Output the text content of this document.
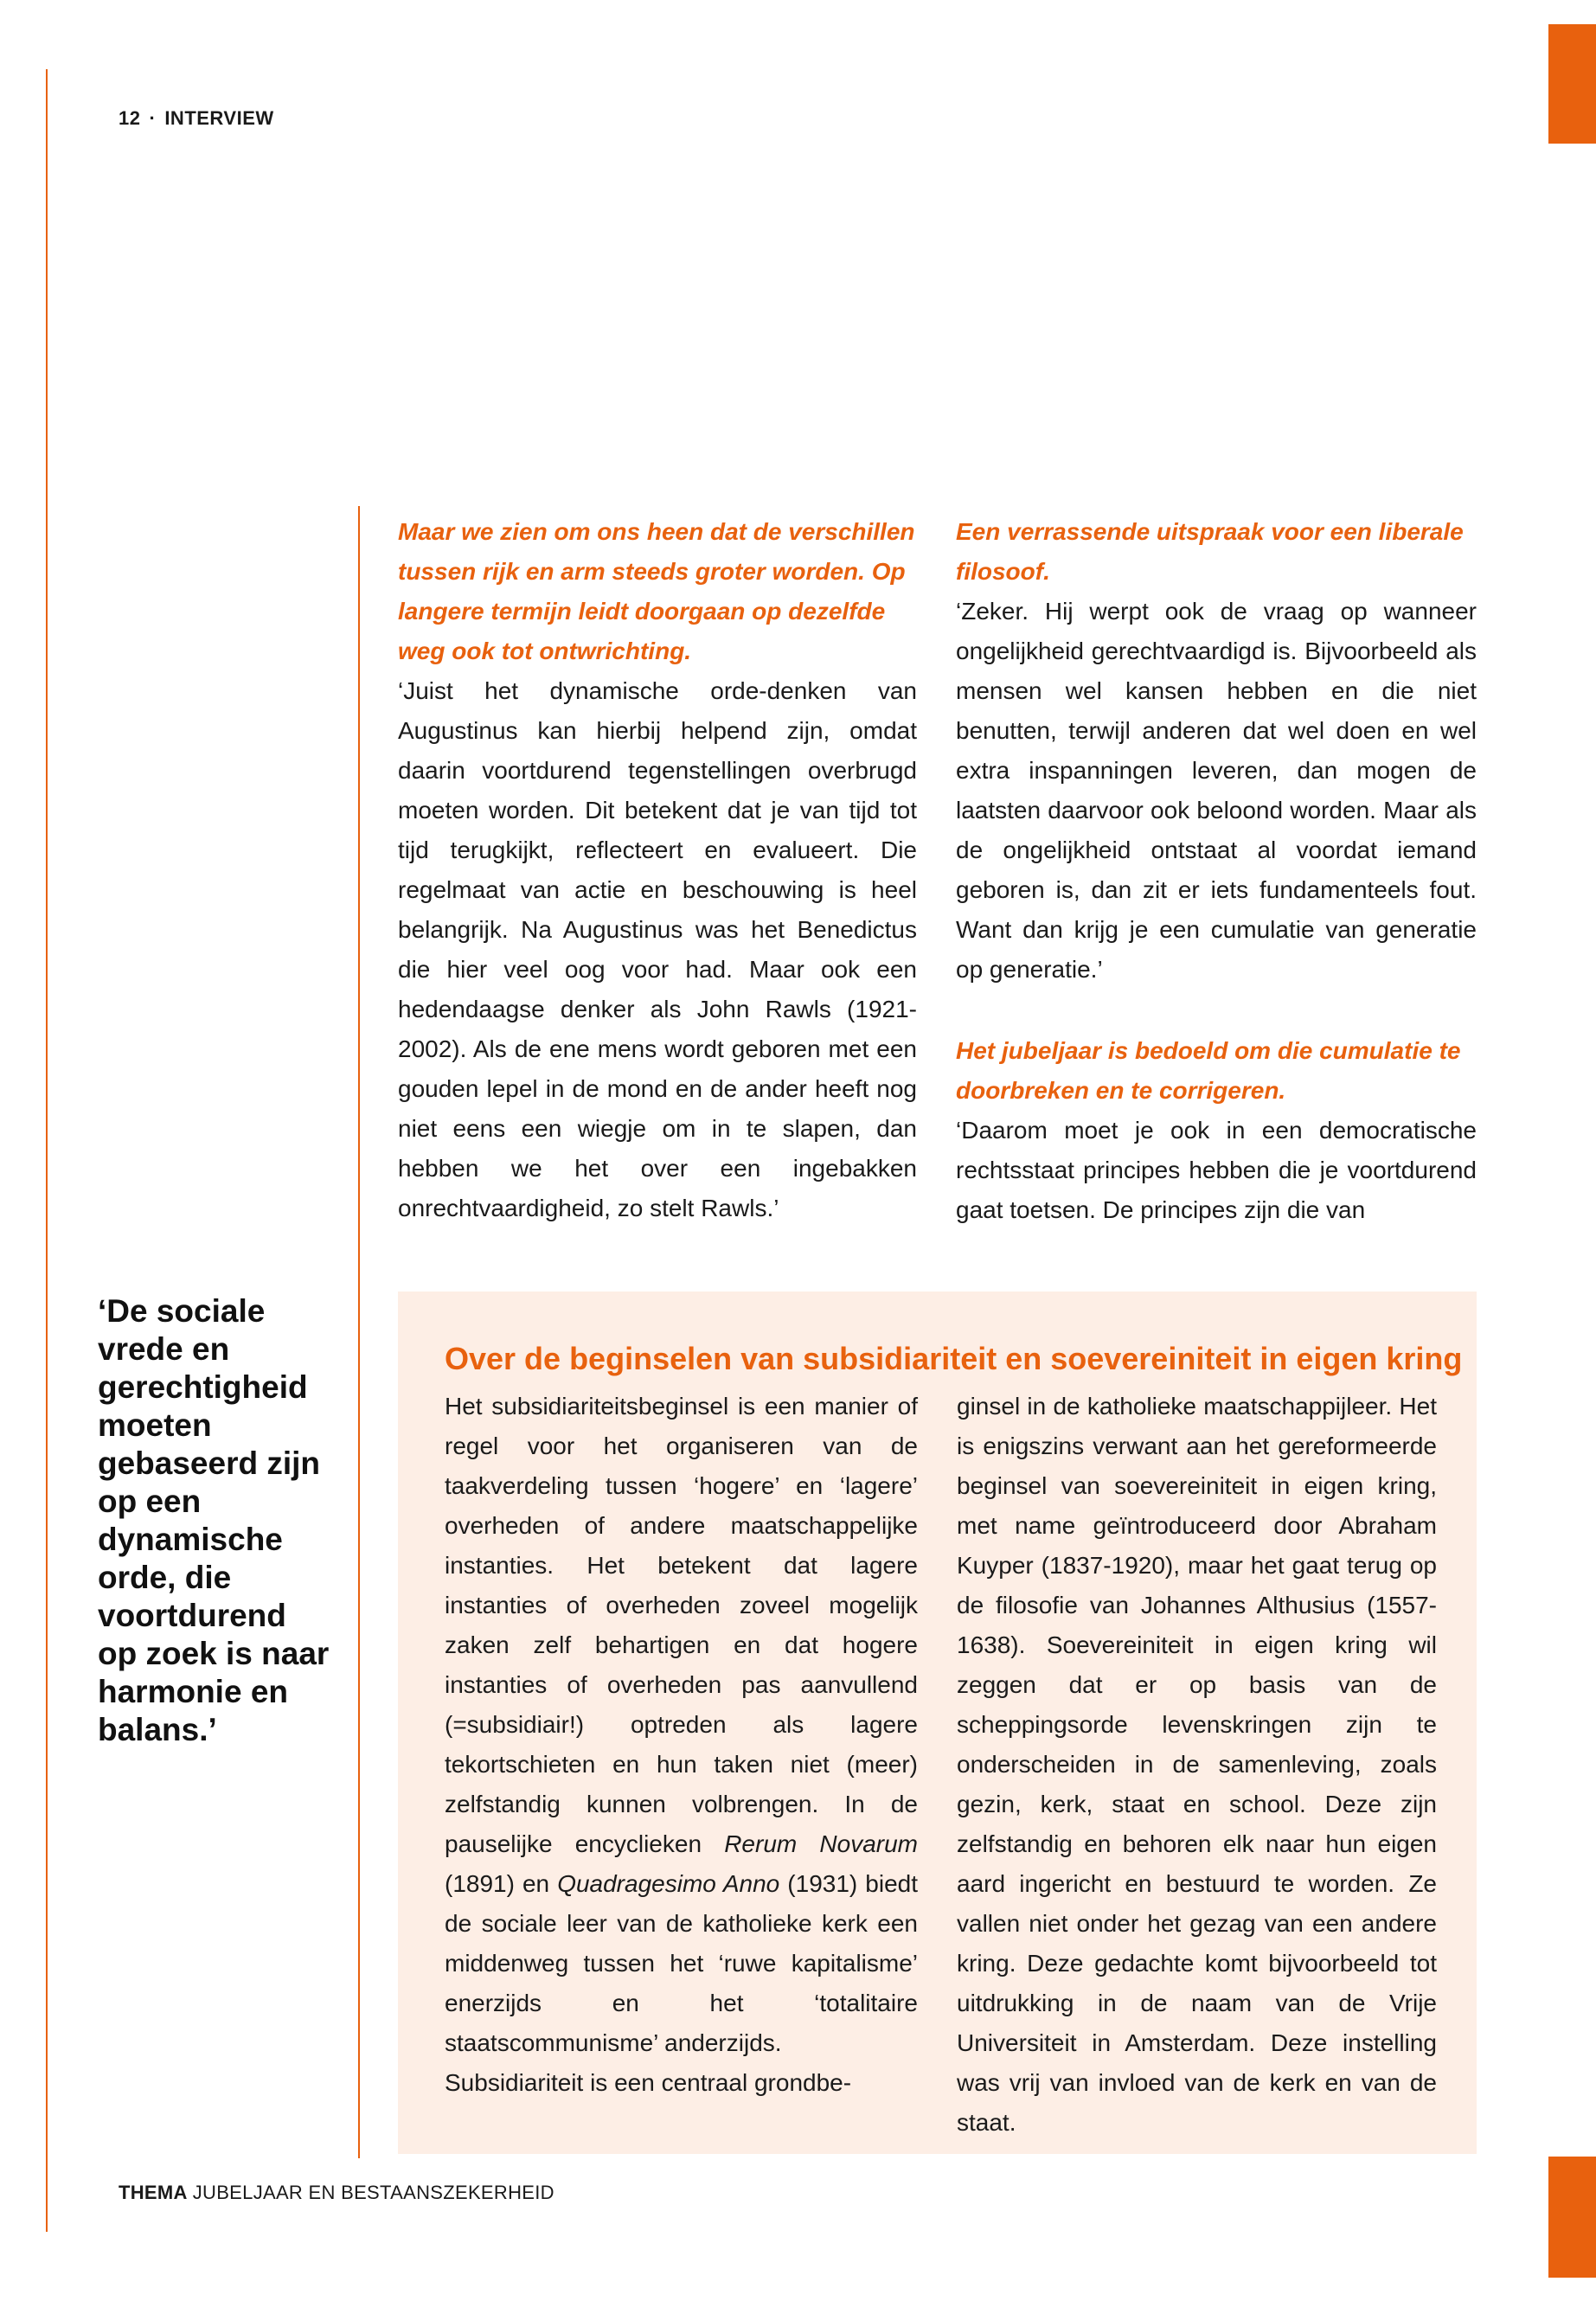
12 · INTERVIEW

Maar we zien om ons heen dat de verschillen tussen rijk en arm steeds groter worden. Op langere termijn leidt doorgaan op dezelfde weg ook tot ontwrichting.

‘Juist het dynamische orde-denken van Augustinus kan hierbij helpend zijn, omdat daarin voortdurend tegenstellingen overbrugd moeten worden. Dit betekent dat je van tijd tot tijd terugkijkt, reflecteert en evalueert. Die regelmaat van actie en beschouwing is heel belangrijk. Na Augustinus was het Benedictus die hier veel oog voor had. Maar ook een hedendaagse denker als John Rawls (1921-2002). Als de ene mens wordt geboren met een gouden lepel in de mond en de ander heeft nog niet eens een wiegje om in te slapen, dan hebben we het over een ingebakken onrechtvaardigheid, zo stelt Rawls.’

Een verrassende uitspraak voor een liberale filosoof.

‘Zeker. Hij werpt ook de vraag op wanneer ongelijkheid gerechtvaardigd is. Bijvoorbeeld als mensen wel kansen hebben en die niet benutten, terwijl anderen dat wel doen en wel extra inspanningen leveren, dan mogen de laatsten daarvoor ook beloond worden. Maar als de ongelijkheid ontstaat al voordat iemand geboren is, dan zit er iets fundamenteels fout. Want dan krijg je een cumulatie van generatie op generatie.’

Het jubeljaar is bedoeld om die cumulatie te doorbreken en te corrigeren.

‘Daarom moet je ook in een democratische rechtsstaat principes hebben die je voortdurend gaat toetsen. De principes zijn die van

‘De sociale vrede en gerechtigheid moeten gebaseerd zijn op een dynamische orde, die voortdurend op zoek is naar harmonie en balans.’
Over de beginselen van subsidiariteit en soevereiniteit in eigen kring

Het subsidiariteitsbeginsel is een manier of regel voor het organiseren van de taakverdeling tussen ‘hogere’ en ‘lagere’ overheden of andere maatschappelijke instanties. Het betekent dat lagere instanties of overheden zoveel mogelijk zaken zelf behartigen en dat hogere instanties of overheden pas aanvullend (=subsidiair!) optreden als lagere tekortschieten en hun taken niet (meer) zelfstandig kunnen volbrengen. In de pauselijke encyclieken Rerum Novarum (1891) en Quadragesimo Anno (1931) biedt de sociale leer van de katholieke kerk een middenweg tussen het ‘ruwe kapitalisme’ enerzijds en het ‘totalitaire staatscommunisme’ anderzijds.

Subsidiariteit is een centraal grondbe-

ginsel in de katholieke maatschappijleer. Het is enigszins verwant aan het gereformeerde beginsel van soevereiniteit in eigen kring, met name geïntroduceerd door Abraham Kuyper (1837-1920), maar het gaat terug op de filosofie van Johannes Althusius (1557-1638). Soevereiniteit in eigen kring wil zeggen dat er op basis van de scheppingsorde levenskringen zijn te onderscheiden in de samenleving, zoals gezin, kerk, staat en school. Deze zijn zelfstandig en behoren elk naar hun eigen aard ingericht en bestuurd te worden. Ze vallen niet onder het gezag van een andere kring. Deze gedachte komt bijvoorbeeld tot uitdrukking in de naam van de Vrije Universiteit in Amsterdam. Deze instelling was vrij van invloed van de kerk en van de staat.

THEMA JUBELJAAR EN BESTAANSZEKERHEID
